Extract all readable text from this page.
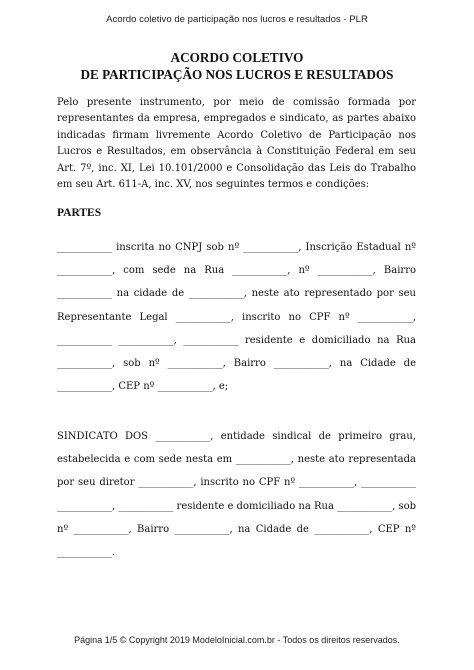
Acordo coletivo de participação nos lucros e resultados - PLR
ACORDO COLETIVO
DE PARTICIPAÇÃO NOS LUCROS E RESULTADOS
Pelo presente instrumento, por meio de comissão formada por representantes da empresa, empregados e sindicato, as partes abaixo indicadas firmam livremente Acordo Coletivo de Participação nos Lucros e Resultados, em observância à Constituição Federal em seu Art. 7º, inc. XI, Lei 10.101/2000 e Consolidação das Leis do Trabalho em seu Art. 611-A, inc. XV, nos seguintes termos e condições:
PARTES
___________ inscrita no CNPJ sob nº ___________, Inscrição Estadual nº ___________, com sede na Rua ___________, nº ___________, Bairro ___________ na cidade de ___________, neste ato representado por seu Representante Legal ___________, inscrito no CPF nº ___________, ___________ ___________, ___________ residente e domiciliado na Rua ___________, sob nº ___________, Bairro ___________, na Cidade de ___________, CEP nº ___________, e;
SINDICATO DOS ___________, entidade sindical de primeiro grau, estabelecida e com sede nesta em ___________, neste ato representada por seu diretor ___________, inscrito no CPF nº ___________, ___________ ___________, ___________ residente e domiciliado na Rua ___________, sob nº ___________, Bairro ___________, na Cidade de ___________, CEP nº ___________.
Página 1/5 © Copyright 2019 ModeloInicial.com.br - Todos os direitos reservados.
